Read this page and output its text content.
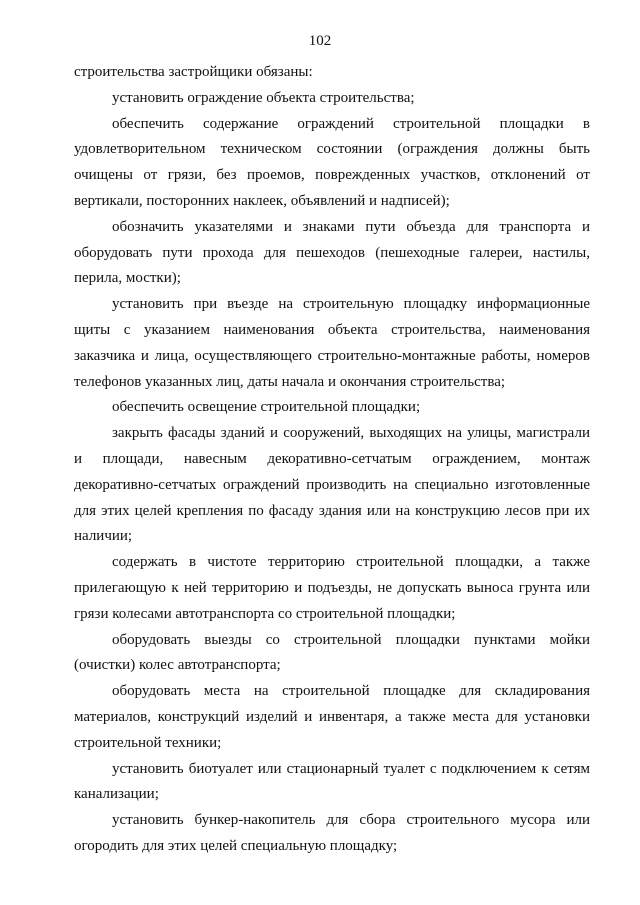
102

строительства застройщики обязаны:

установить ограждение объекта строительства;

обеспечить содержание ограждений строительной площадки в удовлетворительном техническом состоянии (ограждения должны быть очищены от грязи, без проемов, поврежденных участков, отклонений от вертикали, посторонних наклеек, объявлений и надписей);

обозначить указателями и знаками пути объезда для транспорта и оборудовать пути прохода для пешеходов (пешеходные галереи, настилы, перила, мостки);

установить при въезде на строительную площадку информационные щиты с указанием наименования объекта строительства, наименования заказчика и лица, осуществляющего строительно-монтажные работы, номеров телефонов указанных лиц, даты начала и окончания строительства;

обеспечить освещение строительной площадки;

закрыть фасады зданий и сооружений, выходящих на улицы, магистрали и площади, навесным декоративно-сетчатым ограждением, монтаж декоративно-сетчатых ограждений производить на специально изготовленные для этих целей крепления по фасаду здания или на конструкцию лесов при их наличии;

содержать в чистоте территорию строительной площадки, а также прилегающую к ней территорию и подъезды, не допускать выноса грунта или грязи колесами автотранспорта со строительной площадки;

оборудовать выезды со строительной площадки пунктами мойки (очистки) колес автотранспорта;

оборудовать места на строительной площадке для складирования материалов, конструкций изделий и инвентаря, а также места для установки строительной техники;

установить биотуалет или стационарный туалет с подключением к сетям канализации;

установить бункер-накопитель для сбора строительного мусора или огородить для этих целей специальную площадку;
